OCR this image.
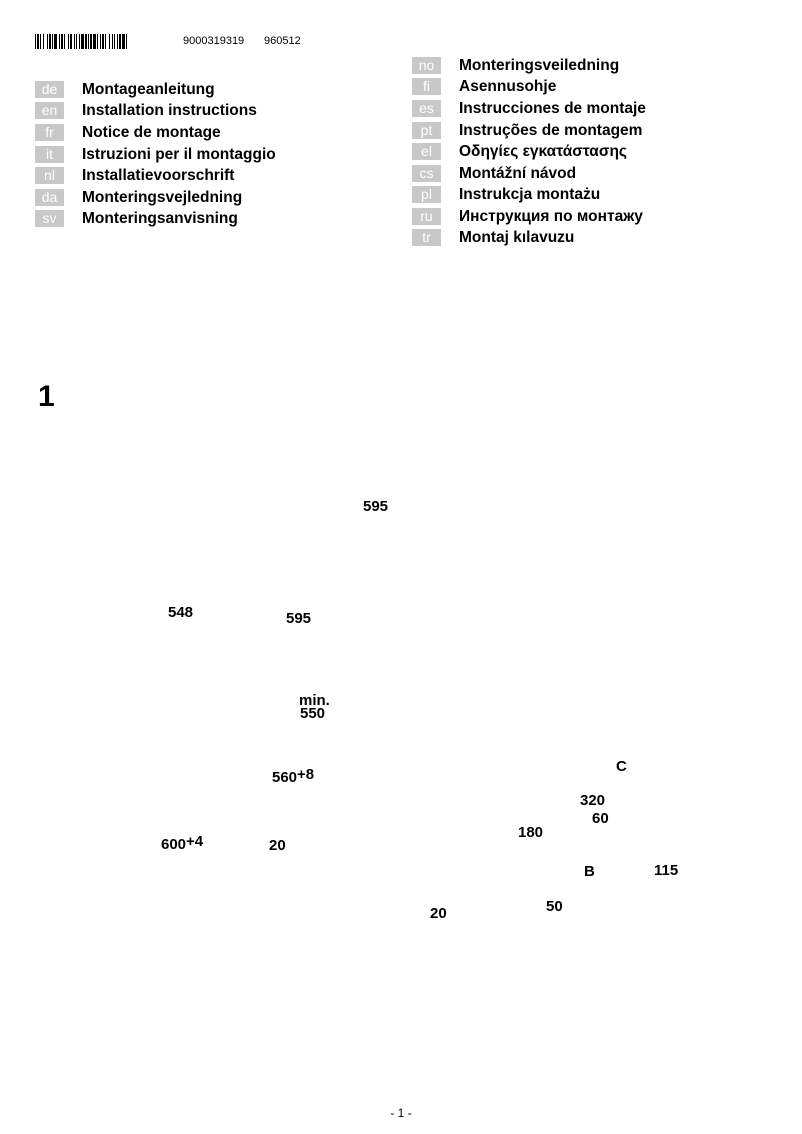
9000319319 960512
de	Montageanleitung
en	Installation instructions
fr	Notice de montage
it	Istruzioni per il montaggio
nl	Installatievoorschrift
da	Monteringsvejledning
sv	Monteringsanvisning
no	Monteringsveiledning
fi	Asennusohje
es	Instrucciones de montaje
pt	Instruções de montagem
el	Οδηγίες εγκατάστασης
cs	Montážní návod
pl	Instrukcja montażu
ru	Инструкция по монтажу
tr	Montaj kılavuzu
1
595
548	595
min.
550
560+8
600+4	20
C
320
60
180
B	115
50
20
- 1 -
